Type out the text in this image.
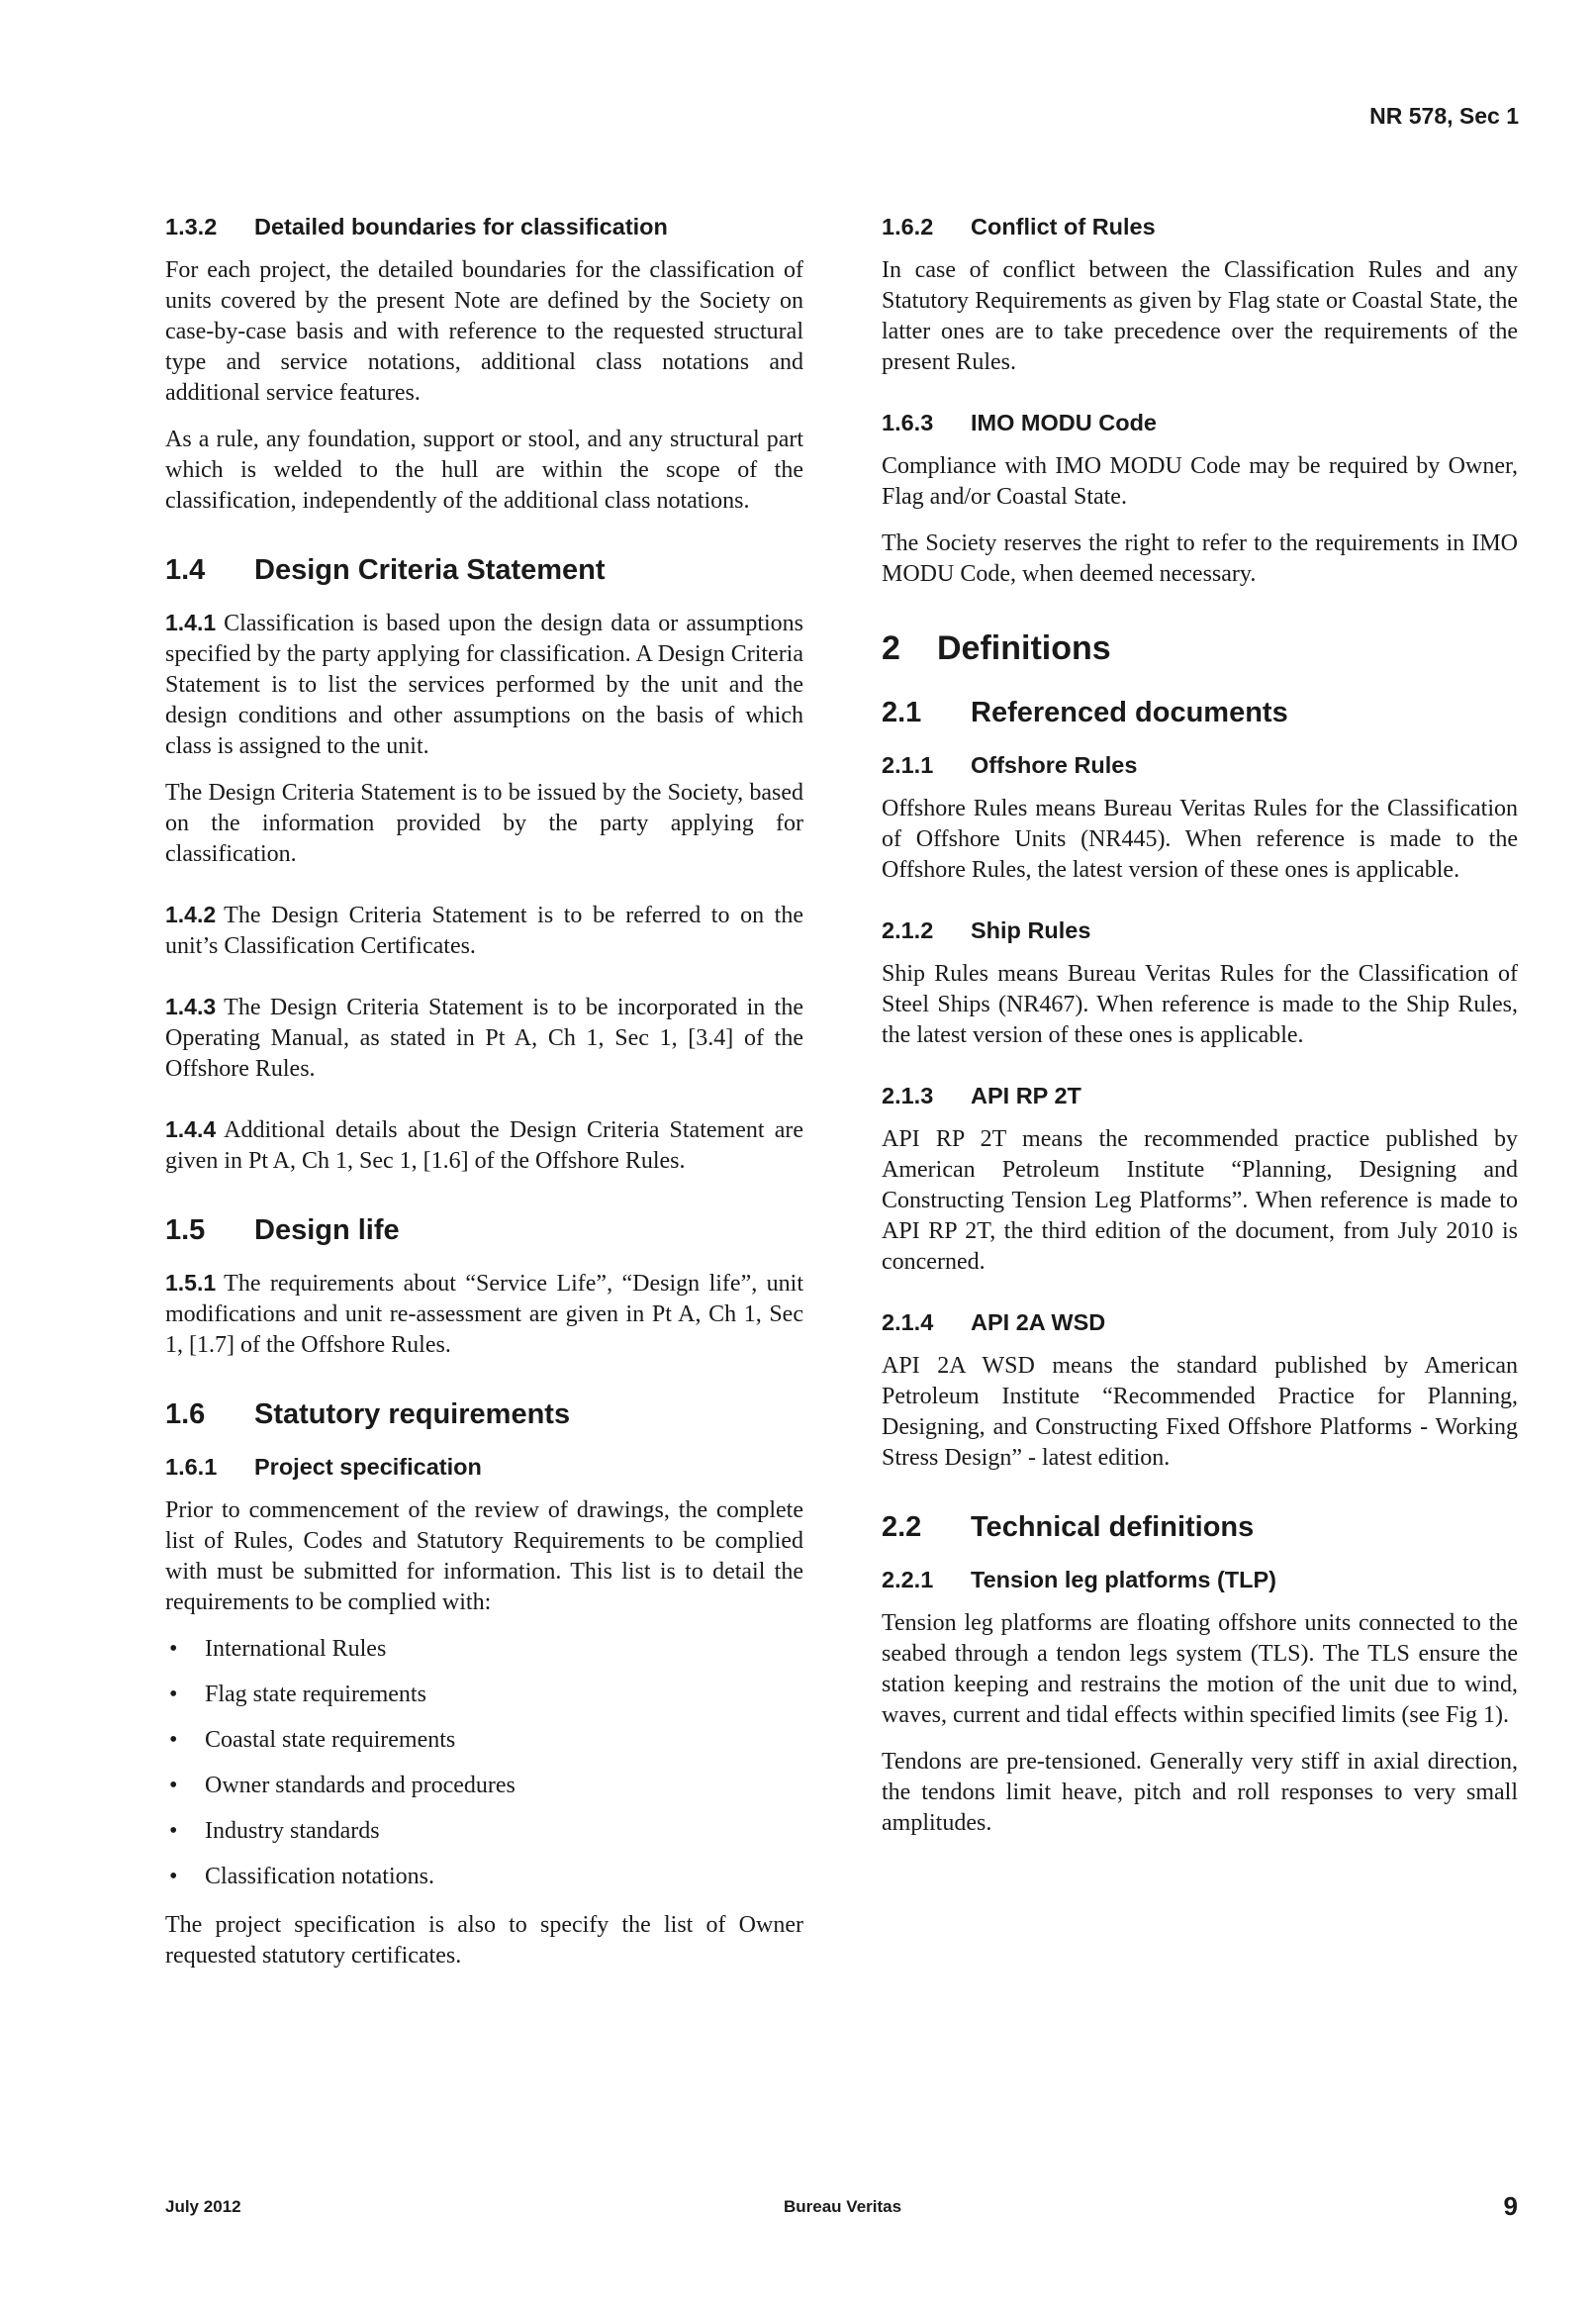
NR 578, Sec 1
1.3.2 Detailed boundaries for classification

For each project, the detailed boundaries for the classification of units covered by the present Note are defined by the Society on case-by-case basis and with reference to the requested structural type and service notations, additional class notations and additional service features.

As a rule, any foundation, support or stool, and any structural part which is welded to the hull are within the scope of the classification, independently of the additional class notations.

1.4 Design Criteria Statement

1.4.1 Classification is based upon the design data or assumptions specified by the party applying for classification. A Design Criteria Statement is to list the services performed by the unit and the design conditions and other assumptions on the basis of which class is assigned to the unit.

The Design Criteria Statement is to be issued by the Society, based on the information provided by the party applying for classification.

1.4.2 The Design Criteria Statement is to be referred to on the unit’s Classification Certificates.

1.4.3 The Design Criteria Statement is to be incorporated in the Operating Manual, as stated in Pt A, Ch 1, Sec 1, [3.4] of the Offshore Rules.

1.4.4 Additional details about the Design Criteria Statement are given in Pt A, Ch 1, Sec 1, [1.6] of the Offshore Rules.

1.5 Design life

1.5.1 The requirements about “Service Life”, “Design life”, unit modifications and unit re-assessment are given in Pt A, Ch 1, Sec 1, [1.7] of the Offshore Rules.

1.6 Statutory requirements
1.6.1 Project specification

Prior to commencement of the review of drawings, the complete list of Rules, Codes and Statutory Requirements to be complied with must be submitted for information. This list is to detail the requirements to be complied with:

• International Rules
• Flag state requirements
• Coastal state requirements
• Owner standards and procedures
• Industry standards
• Classification notations.

The project specification is also to specify the list of Owner requested statutory certificates.

1.6.2 Conflict of Rules

In case of conflict between the Classification Rules and any Statutory Requirements as given by Flag state or Coastal State, the latter ones are to take precedence over the requirements of the present Rules.

1.6.3 IMO MODU Code

Compliance with IMO MODU Code may be required by Owner, Flag and/or Coastal State.

The Society reserves the right to refer to the requirements in IMO MODU Code, when deemed necessary.

2 Definitions
2.1 Referenced documents
2.1.1 Offshore Rules

Offshore Rules means Bureau Veritas Rules for the Classification of Offshore Units (NR445). When reference is made to the Offshore Rules, the latest version of these ones is applicable.

2.1.2 Ship Rules

Ship Rules means Bureau Veritas Rules for the Classification of Steel Ships (NR467). When reference is made to the Ship Rules, the latest version of these ones is applicable.

2.1.3 API RP 2T

API RP 2T means the recommended practice published by American Petroleum Institute “Planning, Designing and Constructing Tension Leg Platforms”. When reference is made to API RP 2T, the third edition of the document, from July 2010 is concerned.

2.1.4 API 2A WSD

API 2A WSD means the standard published by American Petroleum Institute “Recommended Practice for Planning, Designing, and Constructing Fixed Offshore Platforms - Working Stress Design” - latest edition.

2.2 Technical definitions
2.2.1 Tension leg platforms (TLP)

Tension leg platforms are floating offshore units connected to the seabed through a tendon legs system (TLS). The TLS ensure the station keeping and restrains the motion of the unit due to wind, waves, current and tidal effects within specified limits (see Fig 1).

Tendons are pre-tensioned. Generally very stiff in axial direction, the tendons limit heave, pitch and roll responses to very small amplitudes.

July 2012	Bureau Veritas	9
